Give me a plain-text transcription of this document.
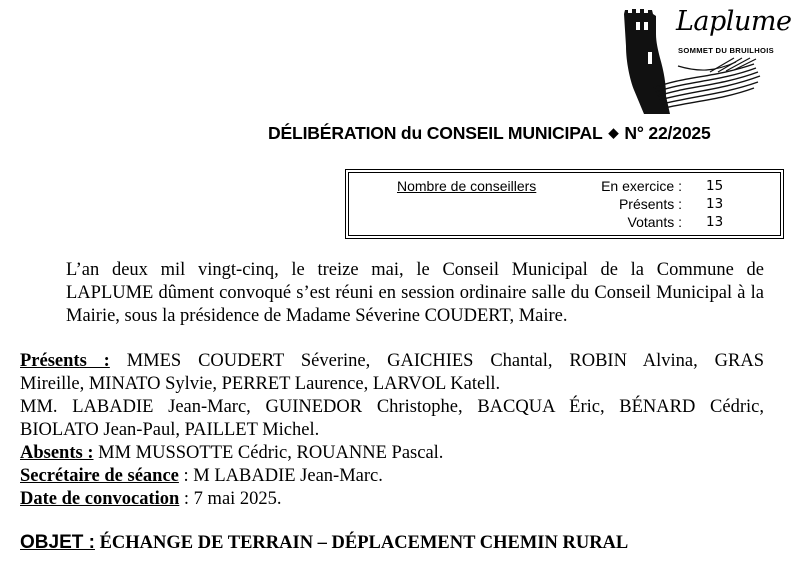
Laplume
SOMMET DU BRUILHOIS
DÉLIBÉRATION du CONSEIL MUNICIPAL ◆ N° 22/2025
Nombre de conseillers	En exercice : 15
Présents : 13
Votants : 13
L’an deux mil vingt-cinq, le treize mai, le Conseil Municipal de la Commune de
LAPLUME dûment convoqué s’est réuni en session ordinaire salle du Conseil Municipal à la
Mairie, sous la présidence de Madame Séverine COUDERT, Maire.
Présents : MMES COUDERT Séverine, GAICHIES Chantal, ROBIN Alvina, GRAS
Mireille, MINATO Sylvie, PERRET Laurence, LARVOL Katell.
MM. LABADIE Jean-Marc, GUINEDOR Christophe, BACQUA Éric, BÉNARD Cédric,
BIOLATO Jean-Paul, PAILLET Michel.
Absents : MM MUSSOTTE Cédric, ROUANNE Pascal.
Secrétaire de séance : M LABADIE Jean-Marc.
Date de convocation : 7 mai 2025.
OBJET : ÉCHANGE DE TERRAIN – DÉPLACEMENT CHEMIN RURAL
